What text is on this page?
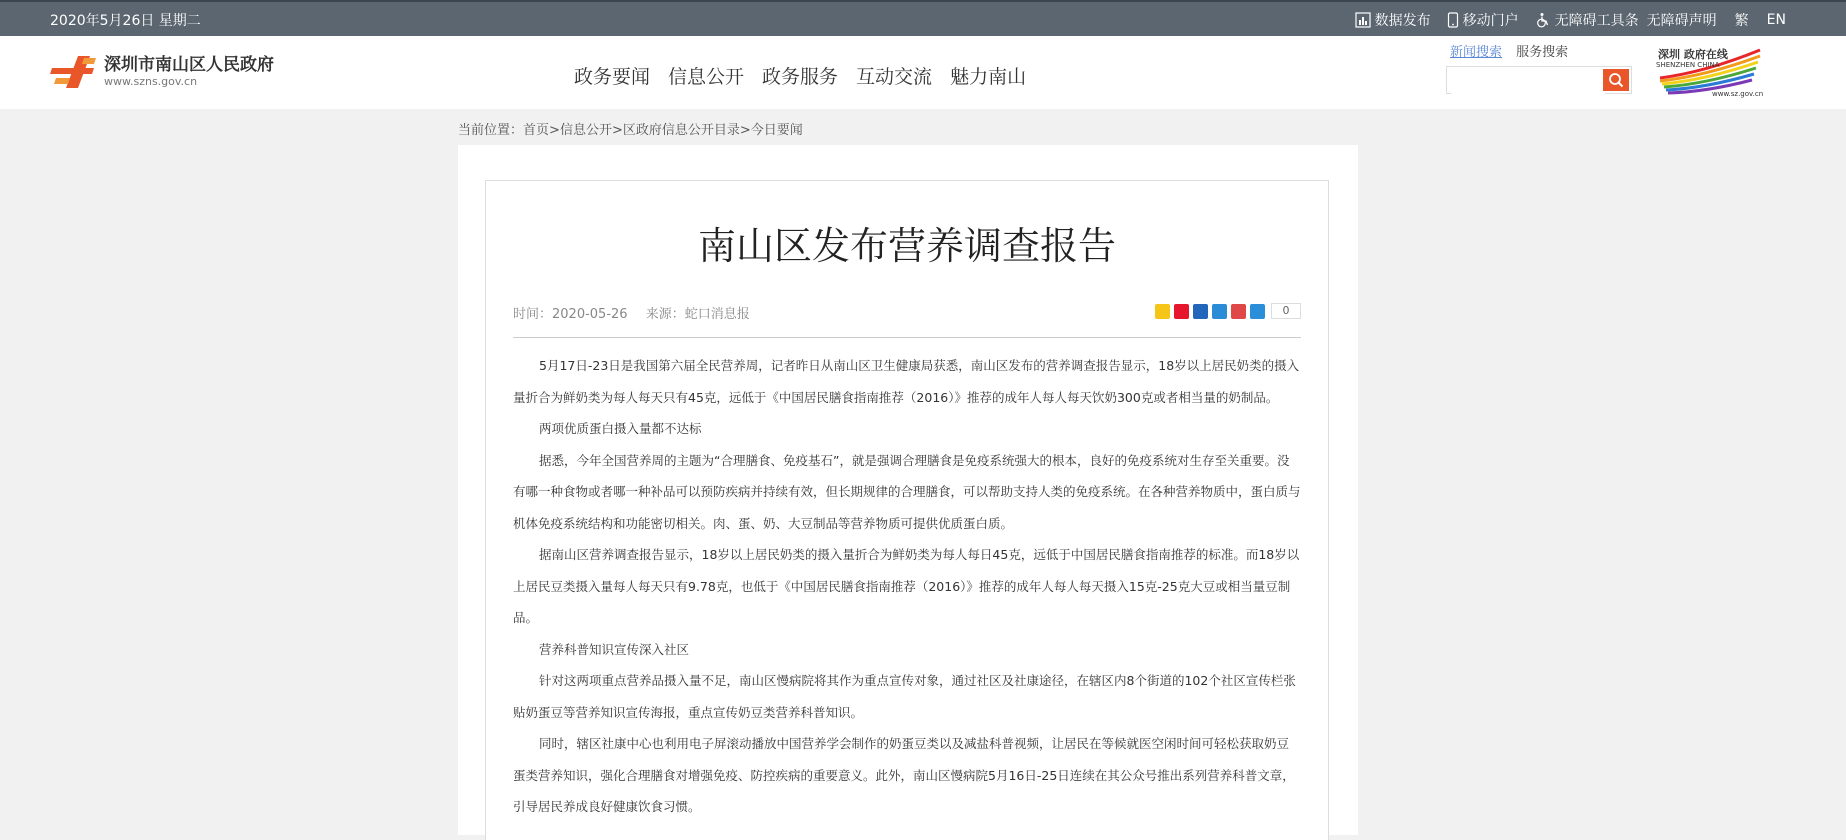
2020年5月26日 星期二	数据发布 移动门户	无障碍工具条 无障碍声明 繁 EN
深圳市南山区人民政府
www.szns.gov.cn	政务要闻 信息公开 政务服务 互动交流 魅力南山
新闻搜索 服务搜索	深圳 政府在线
SHENZHEN CHINA
www.sz.gov.cn
当前位置：首页>信息公开>区政府信息公开目录>今日要闻
南山区发布营养调查报告
时间：2020-05-26 来源：蛇口消息报	0

5月17日-23日是我国第六届全民营养周，记者昨日从南山区卫生健康局获悉，南山区发布的营养调查报告显示，18岁以上居民奶类的摄入量折合为鲜奶类为每人每天只有45克，远低于《中国居民膳食指南推荐（2016）》推荐的成年人每人每天饮奶300克或者相当量的奶制品。

两项优质蛋白摄入量都不达标

据悉，今年全国营养周的主题为“合理膳食、免疫基石”，就是强调合理膳食是免疫系统强大的根本，良好的免疫系统对生存至关重要。没有哪一种食物或者哪一种补品可以预防疾病并持续有效，但长期规律的合理膳食，可以帮助支持人类的免疫系统。在各种营养物质中，蛋白质与机体免疫系统结构和功能密切相关。肉、蛋、奶、大豆制品等营养物质可提供优质蛋白质。

据南山区营养调查报告显示，18岁以上居民奶类的摄入量折合为鲜奶类为每人每日45克，远低于中国居民膳食指南推荐的标准。而18岁以上居民豆类摄入量每人每天只有9.78克，也低于《中国居民膳食指南推荐（2016）》推荐的成年人每人每天摄入15克-25克大豆或相当量豆制品。

营养科普知识宣传深入社区

针对这两项重点营养品摄入量不足，南山区慢病院将其作为重点宣传对象，通过社区及社康途径，在辖区内8个街道的102个社区宣传栏张贴奶蛋豆等营养知识宣传海报，重点宣传奶豆类营养科普知识。

同时，辖区社康中心也利用电子屏滚动播放中国营养学会制作的奶蛋豆类以及减盐科普视频，让居民在等候就医空闲时间可轻松获取奶豆蛋类营养知识，强化合理膳食对增强免疫、防控疾病的重要意义。此外，南山区慢病院5月16日-25日连续在其公众号推出系列营养科普文章，引导居民养成良好健康饮食习惯。
